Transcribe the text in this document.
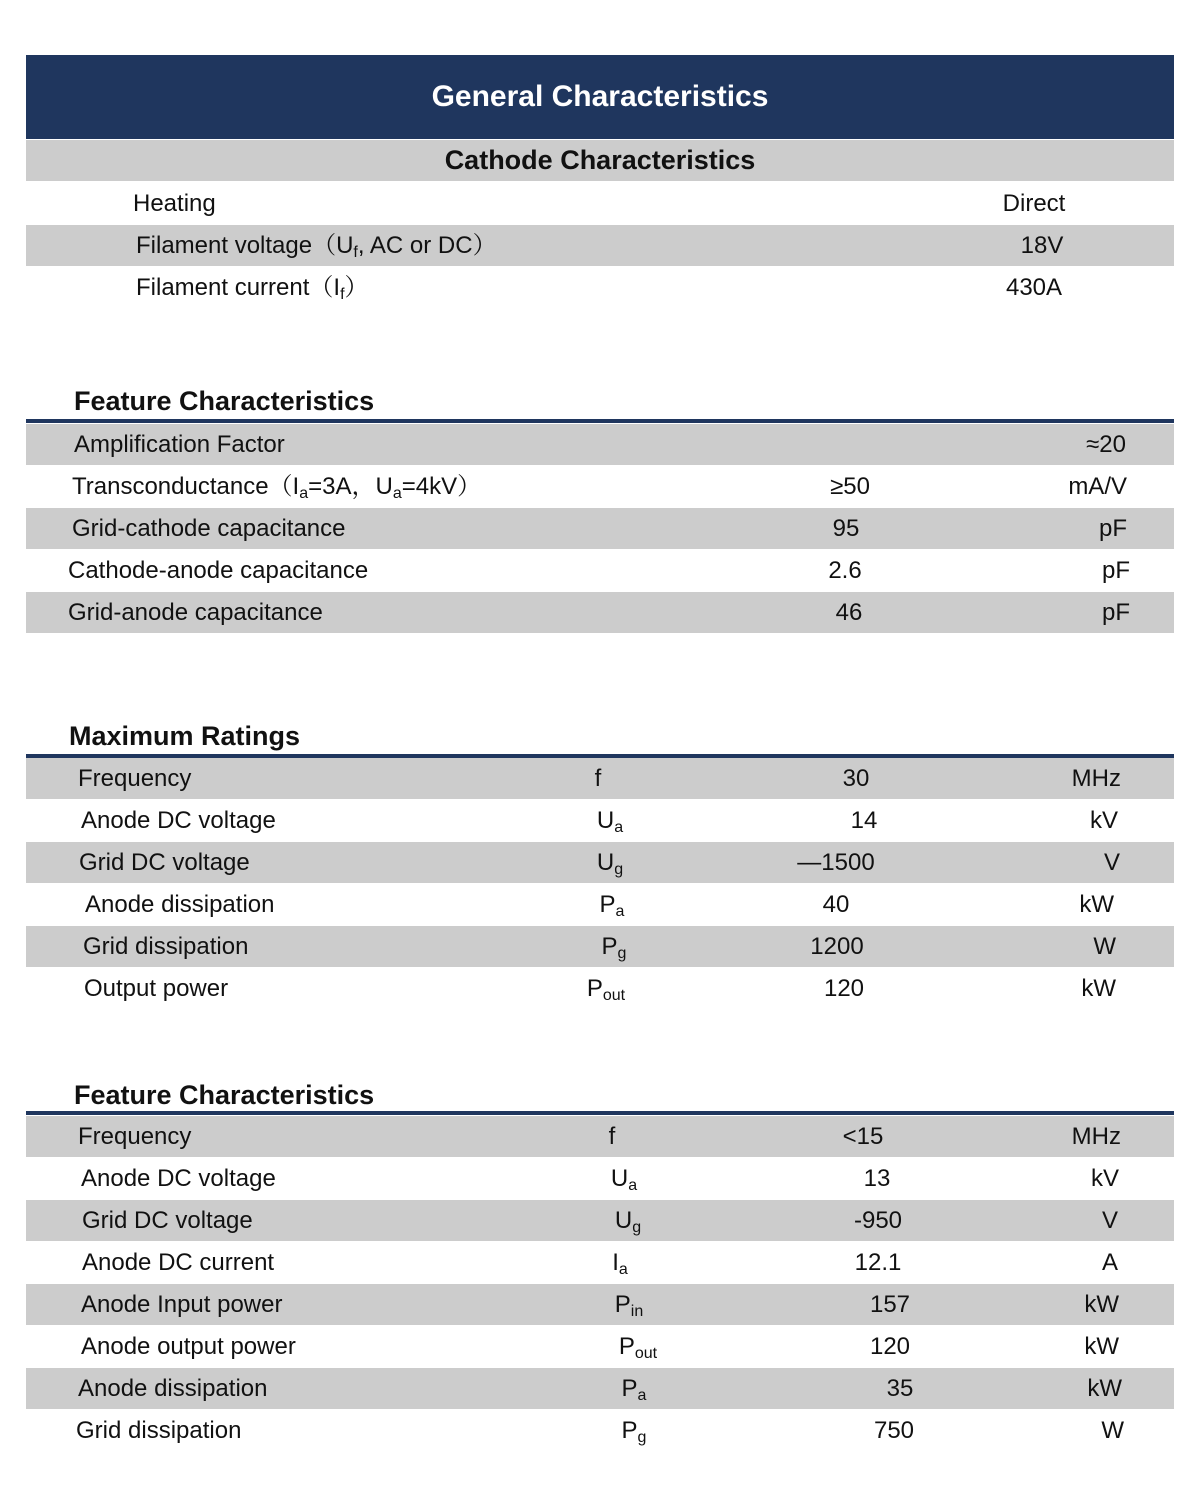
General Characteristics
Cathode Characteristics
Heating	Direct
Filament $voltage(U_f$, AC or DC）	18V
Filament $current(I_f)$	430A
Feature Characteristics
Amplification Factor	≈20
$Transconductance(I_a=3A$，$U_a=4kV$）	≥50	mA/V
Grid-cathode capacitance	95	pF
Cathode-anode capacitance	2.6	pF
Grid-anode capacitance	46	pF
Maximum Ratings
Frequency	f	30	MHz
Anode DC voltage	$U_a$	14	kV
Grid DC voltage	$U_g$	—1500	V
Anode dissipation	$P_a$	40	kW
Grid dissipation	$P_g$	1200	W
Output power	$P_{out}$	120	kW
Feature Characteristics
Frequency	f	<15	MHz
Anode DC voltage	$U_a$	13	kV
Grid DC voltage	$U_g$	-950	V
Anode DC current	$I_a$	12.1	A
Anode Input power	$P_{in}$	157	kW
Anode output power	$P_{out}$	120	kW
Anode dissipation	$P_a$	35	kW
Grid dissipation	$P_g$	750	W
